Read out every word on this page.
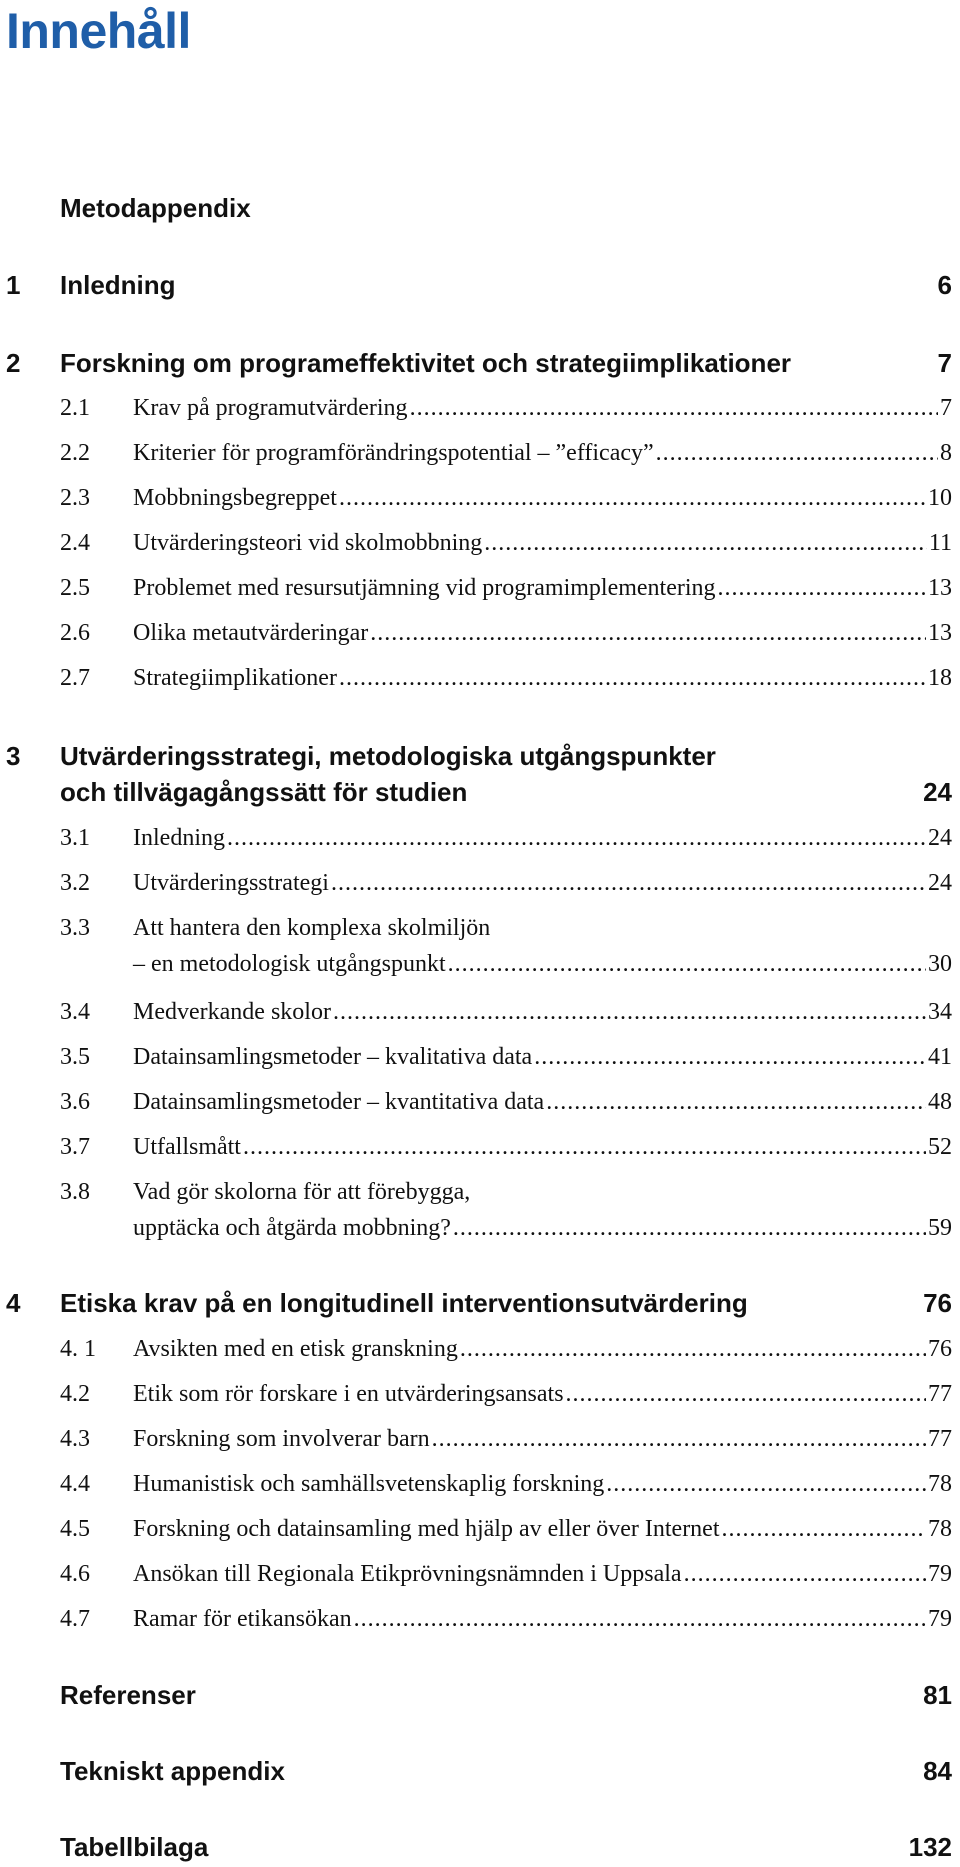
Innehåll
Metodappendix
1 Inledning	6
2 Forskning om programeffektivitet och strategiimplikationer	7
2.1 Krav på programutvärdering .....	7
2.2 Kriterier för programförändringspotential – ”efficacy” .....	8
2.3 Mobbningsbegreppet .....	10
2.4 Utvärderingsteori vid skolmobbning .....	11
2.5 Problemet med resursutjämning vid programimplementering .....	13
2.6 Olika metautvärderingar .....	13
2.7 Strategiimplikationer .....	18
3 Utvärderingsstrategi, metodologiska utgångspunkter
och tillvägagångssätt för studien	24
3.1 Inledning .....	24
3.2 Utvärderingsstrategi .....	24
3.3 Att hantera den komplexa skolmiljön
– en metodologisk utgångspunkt .....	30
3.4 Medverkande skolor .....	34
3.5 Datainsamlingsmetoder – kvalitativa data .....	41
3.6 Datainsamlingsmetoder – kvantitativa data .....	48
3.7 Utfallsmått .....	52
3.8 Vad gör skolorna för att förebygga,
upptäcka och åtgärda mobbning? .....	59
4 Etiska krav på en longitudinell interventionsutvärdering	76
4. 1 Avsikten med en etisk granskning .....	76
4.2 Etik som rör forskare i en utvärderingsansats .....	77
4.3 Forskning som involverar barn .....	77
4.4 Humanistisk och samhällsvetenskaplig forskning .....	78
4.5 Forskning och datainsamling med hjälp av eller över Internet .....	78
4.6 Ansökan till Regionala Etikprövningsnämnden i Uppsala .....	79
4.7 Ramar för etikansökan .....	79
Referenser	81
Tekniskt appendix	84
Tabellbilaga	132
